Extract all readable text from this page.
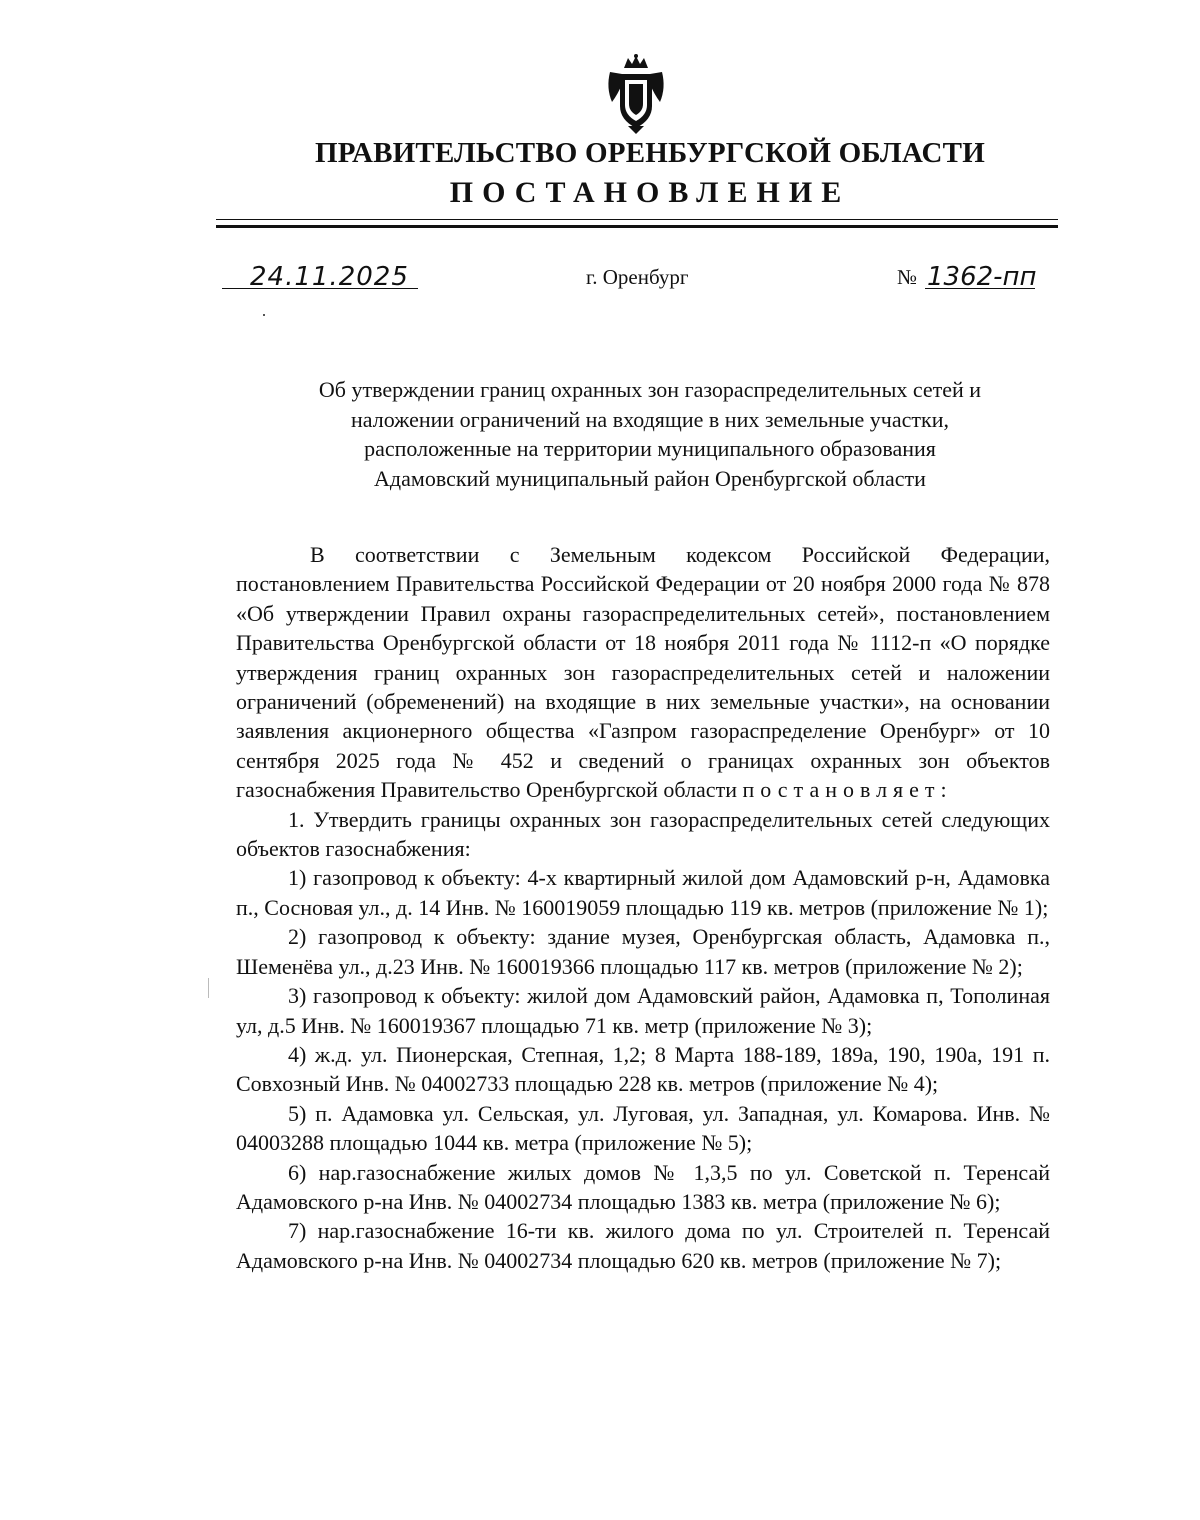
ПРАВИТЕЛЬСТВО ОРЕНБУРГСКОЙ ОБЛАСТИ
ПОСТАНОВЛЕНИЕ
24.11.2025	г. Оренбург	№ 1362-пп
Об утверждении границ охранных зон газораспределительных сетей и
наложении ограничений на входящие в них земельные участки,
расположенные на территории муниципального образования
Адамовский муниципальный район Оренбургской области

В соответствии с Земельным кодексом Российской Федерации, постановлением Правительства Российской Федерации от 20 ноября 2000 года № 878 «Об утверждении Правил охраны газораспределительных сетей», постановлением Правительства Оренбургской области от 18 ноября 2011 года № 1112-п «О порядке утверждения границ охранных зон газораспределительных сетей и наложении ограничений (обременений) на входящие в них земельные участки», на основании заявления акционерного общества «Газпром газораспределение Оренбург» от 10 сентября 2025 года № 452 и сведений о границах охранных зон объектов газоснабжения Правительство Оренбургской области постановляет:

1. Утвердить границы охранных зон газораспределительных сетей следующих объектов газоснабжения:

1) газопровод к объекту: 4-х квартирный жилой дом Адамовский р-н, Адамовка п., Сосновая ул., д. 14 Инв. № 160019059 площадью 119 кв. метров (приложение № 1);

2) газопровод к объекту: здание музея, Оренбургская область, Адамовка п., Шеменёва ул., д.23 Инв. № 160019366 площадью 117 кв. метров (приложение № 2);

3) газопровод к объекту: жилой дом Адамовский район, Адамовка п, Тополиная ул, д.5 Инв. № 160019367 площадью 71 кв. метр (приложение № 3);

4) ж.д. ул. Пионерская, Степная, 1,2; 8 Марта 188-189, 189а, 190, 190а, 191 п. Совхозный Инв. № 04002733 площадью 228 кв. метров (приложение № 4);

5) п. Адамовка ул. Сельская, ул. Луговая, ул. Западная, ул. Комарова. Инв. № 04003288 площадью 1044 кв. метра (приложение № 5);

6) нар.газоснабжение жилых домов № 1,3,5 по ул. Советской п. Теренсай Адамовского р-на Инв. № 04002734 площадью 1383 кв. метра (приложение № 6);

7) нар.газоснабжение 16-ти кв. жилого дома по ул. Строителей п. Теренсай Адамовского р-на Инв. № 04002734 площадью 620 кв. метров (приложение № 7);
